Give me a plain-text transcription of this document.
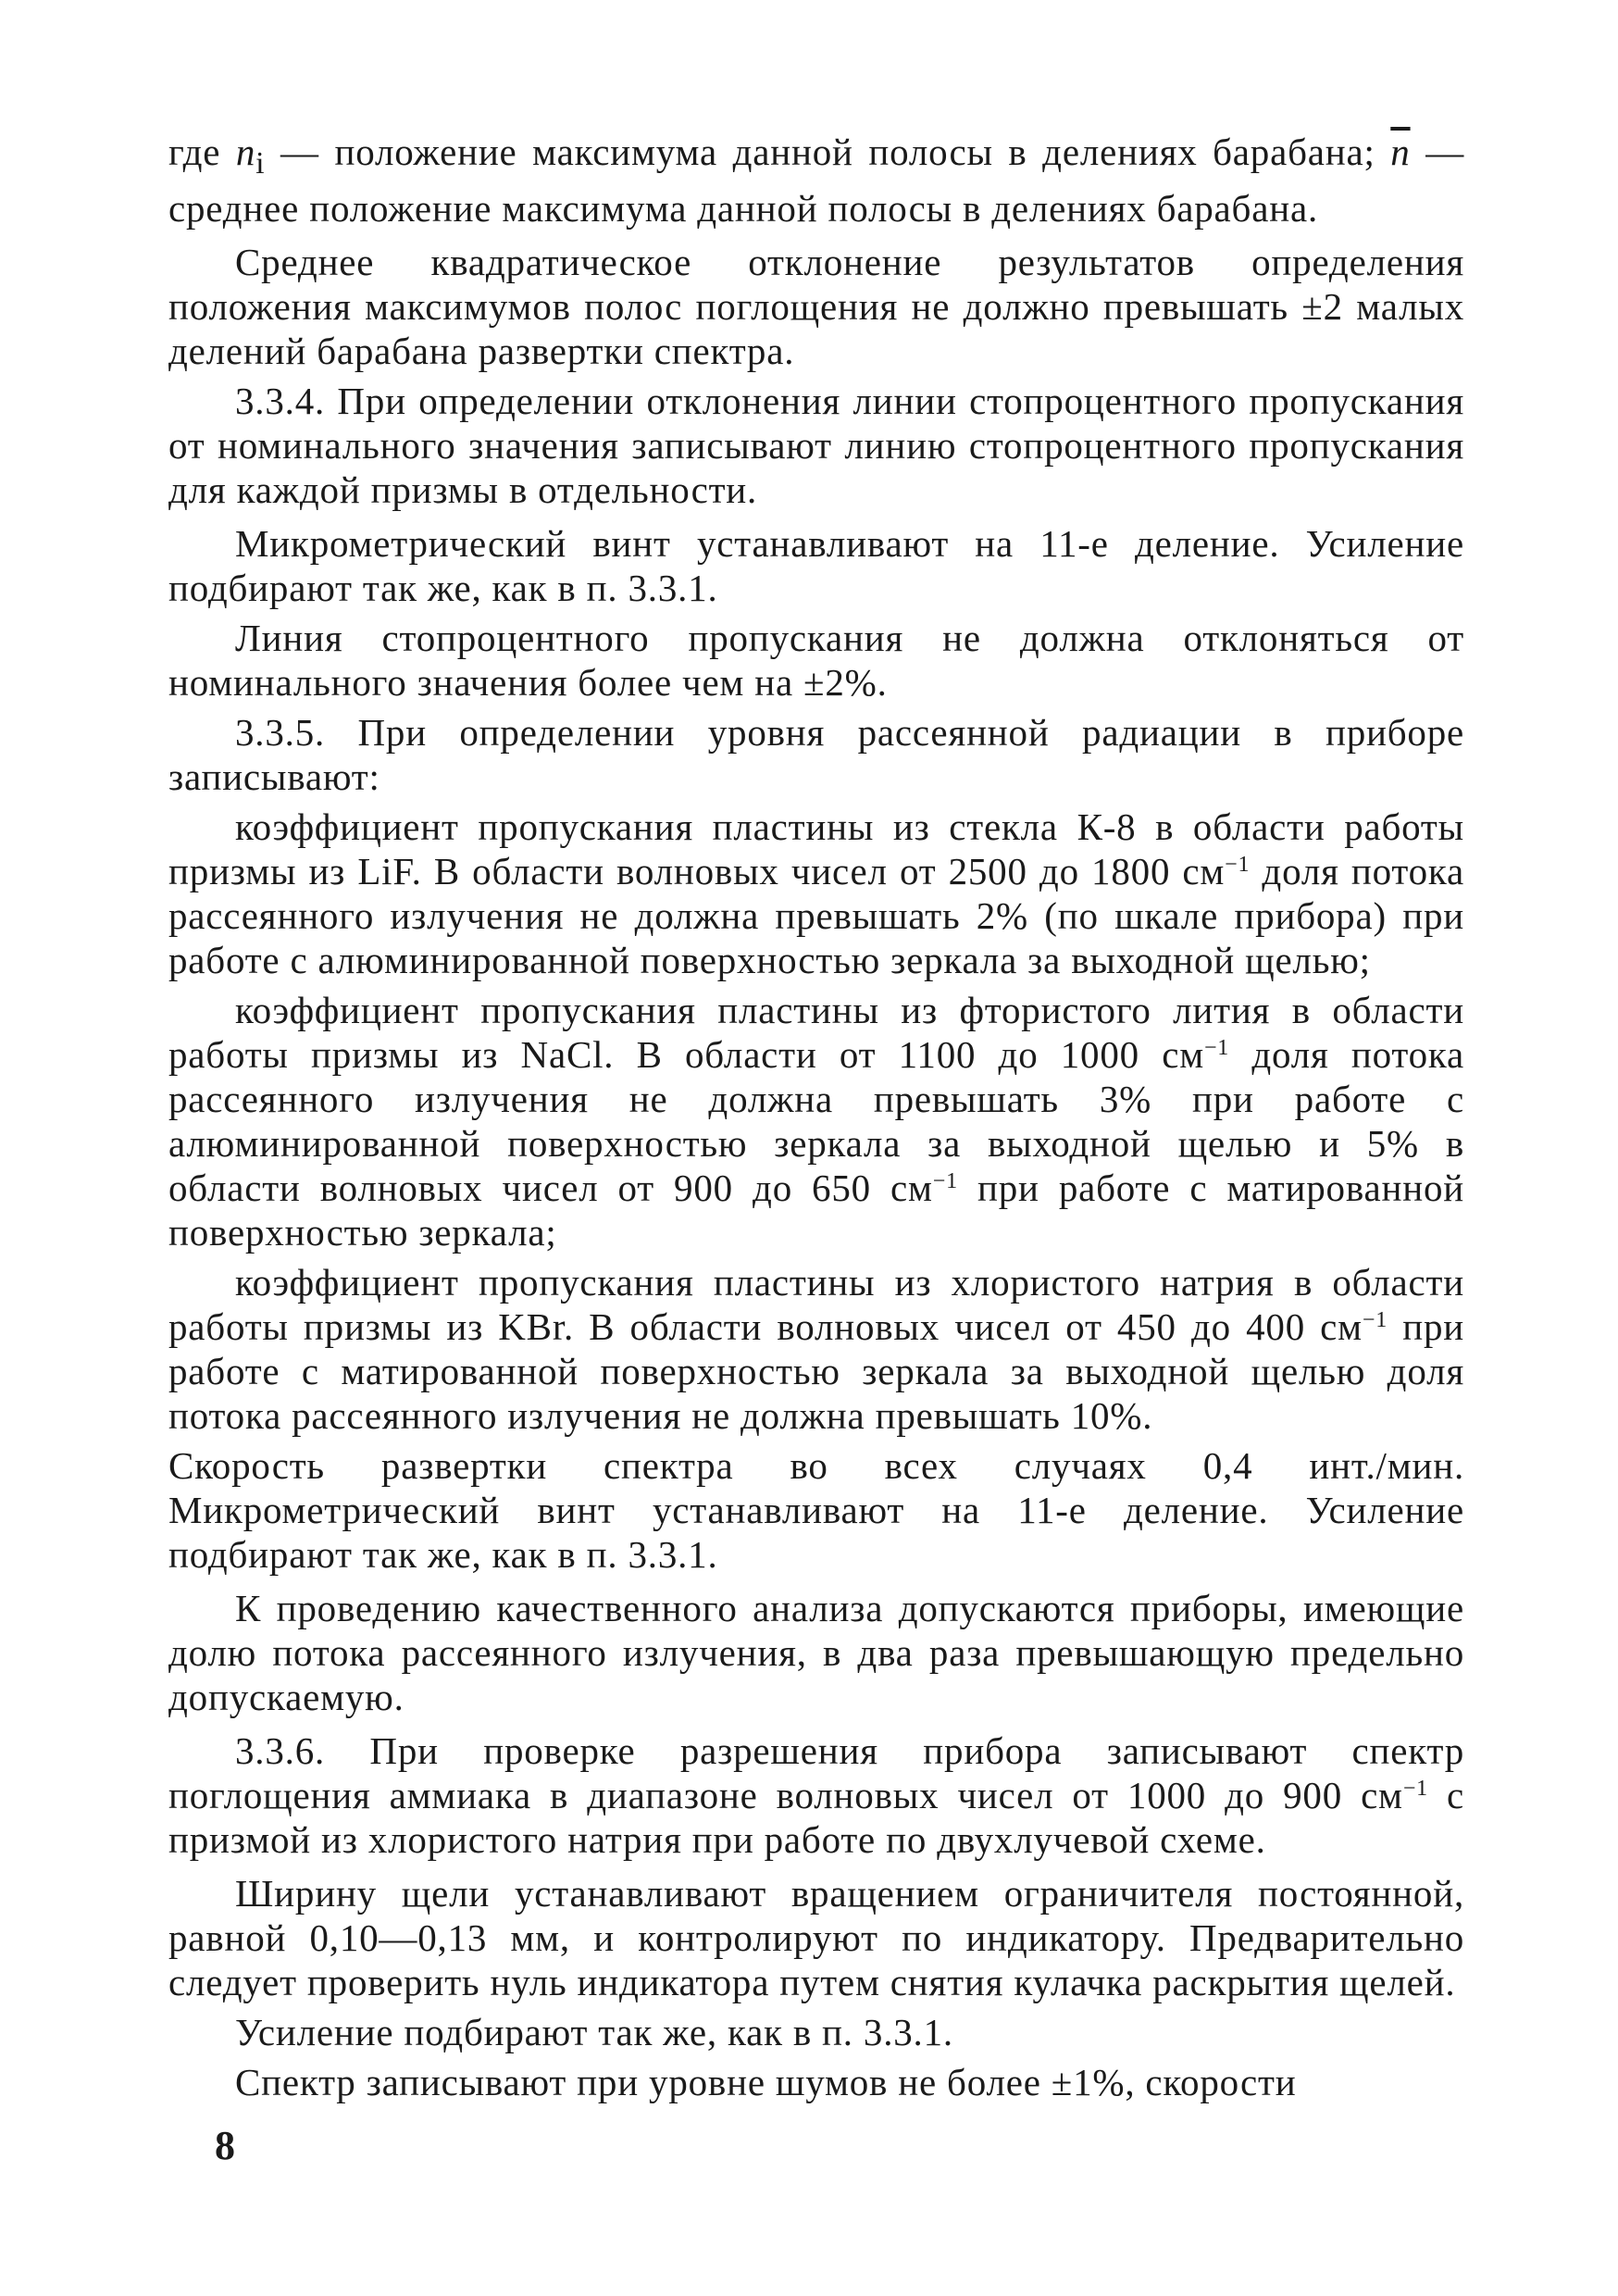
где $n_i$ — положение максимума данной полосы в делениях барабана; $\overline{n}$ — среднее положение максимума данной полосы в делениях барабана.

Среднее квадратическое отклонение результатов определения положения максимумов полос поглощения не должно превышать ±2 малых делений барабана развертки спектра.

3.3.4. При определении отклонения линии стопроцентного пропускания от номинального значения записывают линию стопроцентного пропускания для каждой призмы в отдельности.

Микрометрический винт устанавливают на 11-е деление. Усиление подбирают так же, как в п. 3.3.1.

Линия стопроцентного пропускания не должна отклоняться от номинального значения более чем на ±2%.

3.3.5. При определении уровня рассеянной радиации в приборе записывают:

коэффициент пропускания пластины из стекла К-8 в области работы призмы из LiF. В области волновых чисел от 2500 до 1800 $см^{-1}$ доля потока рассеянного излучения не должна превышать 2% (по шкале прибора) при работе с алюминированной поверхностью зеркала за выходной щелью;

коэффициент пропускания пластины из фтористого лития в области работы призмы из NaCl. В области от 1100 до 1000 $см^{-1}$ доля потока рассеянного излучения не должна превышать 3% при работе с алюминированной поверхностью зеркала за выходной щелью и 5% в области волновых чисел от 900 до 650 $см^{-1}$ при работе с матированной поверхностью зеркала;

коэффициент пропускания пластины из хлористого натрия в области работы призмы из KBr. В области волновых чисел от 450 до 400 $см^{-1}$ при работе с матированной поверхностью зеркала за выходной щелью доля потока рассеянного излучения не должна превышать 10%.

Скорость развертки спектра во всех случаях 0,4 инт./мин. Микрометрический винт устанавливают на 11-е деление. Усиление подбирают так же, как в п. 3.3.1.

К проведению качественного анализа допускаются приборы, имеющие долю потока рассеянного излучения, в два раза превышающую предельно допускаемую.

3.3.6. При проверке разрешения прибора записывают спектр поглощения аммиака в диапазоне волновых чисел от 1000 до 900 $см^{-1}$ с призмой из хлористого натрия при работе по двухлучевой схеме.

Ширину щели устанавливают вращением ограничителя постоянной, равной 0,10—0,13 мм, и контролируют по индикатору. Предварительно следует проверить нуль индикатора путем снятия кулачка раскрытия щелей.

Усиление подбирают так же, как в п. 3.3.1.

Спектр записывают при уровне шумов не более ±1%, скорости

8
